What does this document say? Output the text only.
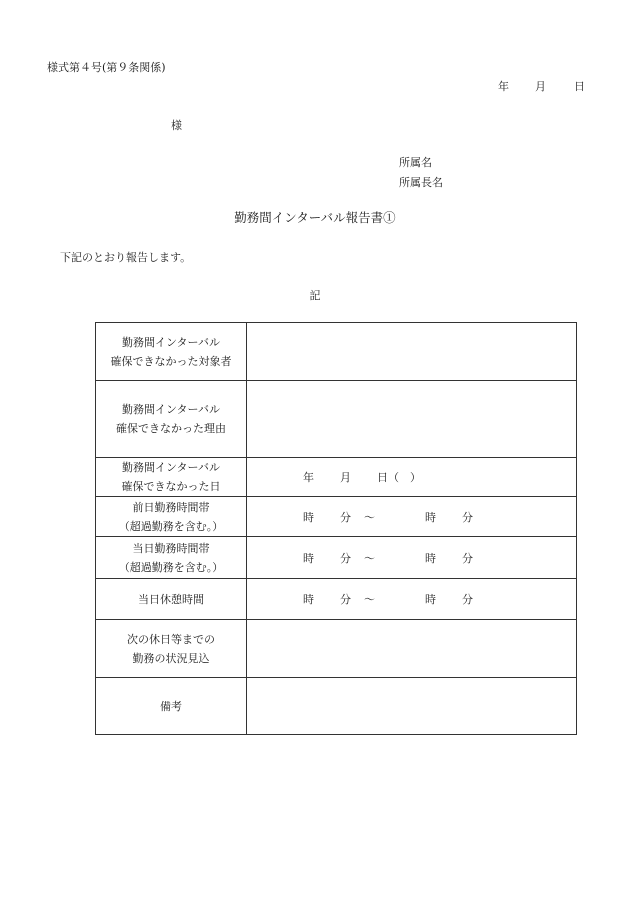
様式第４号(第９条関係)
年 月	日
様
所属名
所属長名
勤務間インターバル報告書①
下記のとおり報告します。
記
勤務間インターバル
確保できなかった対象者	

勤務間インターバル
確保できなかった理由	

勤務間インターバル
確保できなかった日	年 月 日（　）

前日勤務時間帯
（超過勤務を含む。）	時 分 ～ 時 分

当日勤務時間帯
（超過勤務を含む。）	時 分 ～ 時 分

当日休憩時間	時 分 ～ 時 分

次の休日等までの
勤務の状況見込	

備考	
